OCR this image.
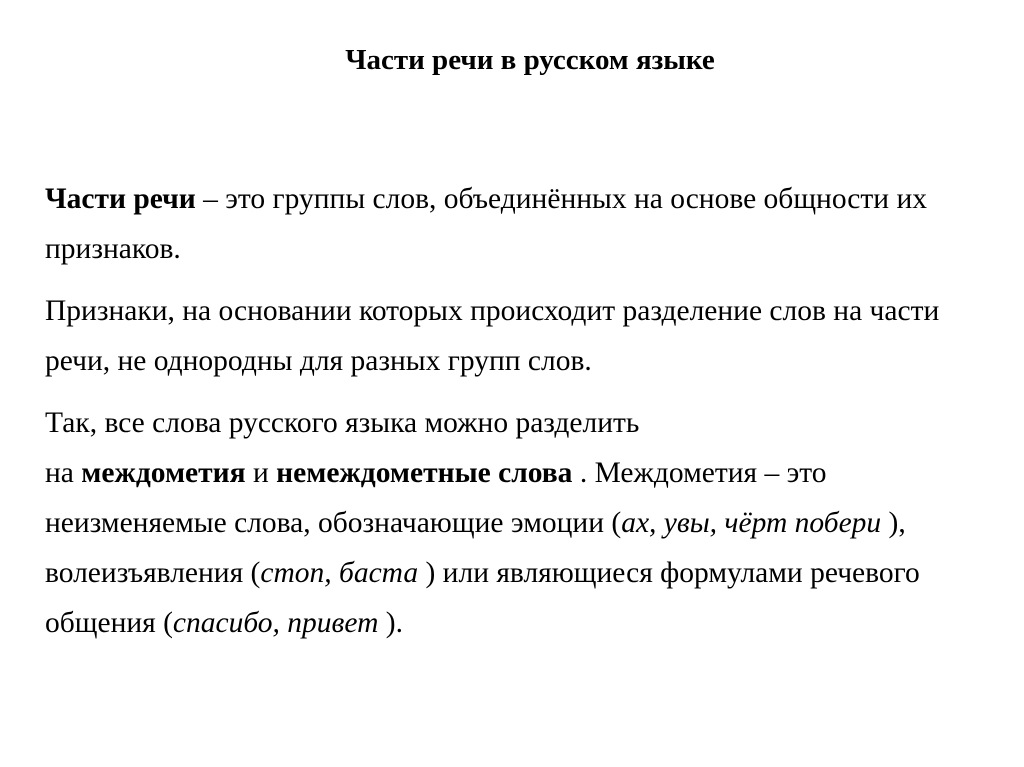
Части речи в русском языке

Части речи – это группы слов, объединённых на основе общности их признаков.

Признаки, на основании которых происходит разделение слов на части речи, не однородны для разных групп слов.

Так, все слова русского языка можно разделить
на междометия и немеждометные слова . Междометия – это неизменяемые слова, обозначающие эмоции (ах, увы, чёрт побери ), волеизъявления (стоп, баста ) или являющиеся формулами речевого общения (спасибо, привет ).
